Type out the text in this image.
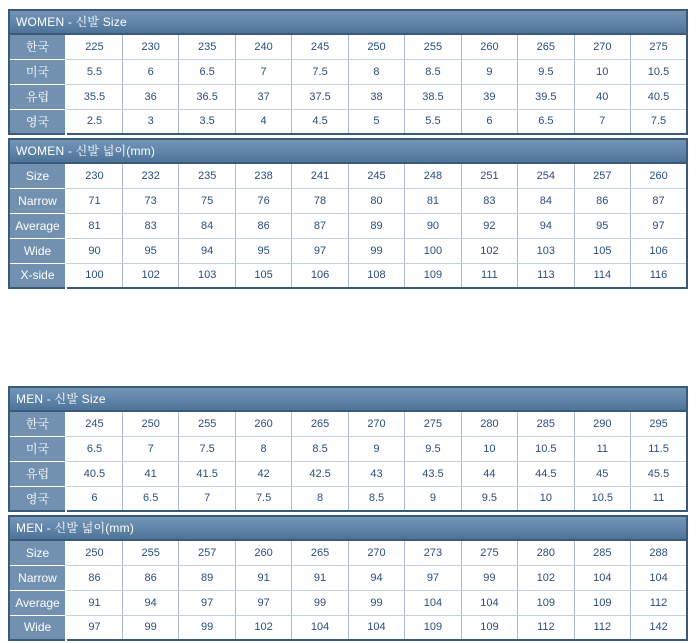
WOMEN - 신발 Size											
한국	225	230	235	240	245	250	255	260	265	270	275
미국	5.5	6	6.5	7	7.5	8	8.5	9	9.5	10	10.5
유럽	35.5	36	36.5	37	37.5	38	38.5	39	39.5	40	40.5
영국	2.5	3	3.5	4	4.5	5	5.5	6	6.5	7	7.5
WOMEN - 신발 넓이(mm)											
Size	230	232	235	238	241	245	248	251	254	257	260
Narrow	71	73	75	76	78	80	81	83	84	86	87
Average	81	83	84	86	87	89	90	92	94	95	97
Wide	90	95	94	95	97	99	100	102	103	105	106
X-side	100	102	103	105	106	108	109	111	113	114	116
MEN - 신발 Size											
한국	245	250	255	260	265	270	275	280	285	290	295
미국	6.5	7	7.5	8	8.5	9	9.5	10	10.5	11	11.5
유럽	40.5	41	41.5	42	42.5	43	43.5	44	44.5	45	45.5
영국	6	6.5	7	7.5	8	8.5	9	9.5	10	10.5	11
MEN - 신발 넓이(mm)											
Size	250	255	257	260	265	270	273	275	280	285	288
Narrow	86	86	89	91	91	94	97	99	102	104	104
Average	91	94	97	97	99	99	104	104	109	109	112
Wide	97	99	99	102	104	104	109	109	112	112	142
